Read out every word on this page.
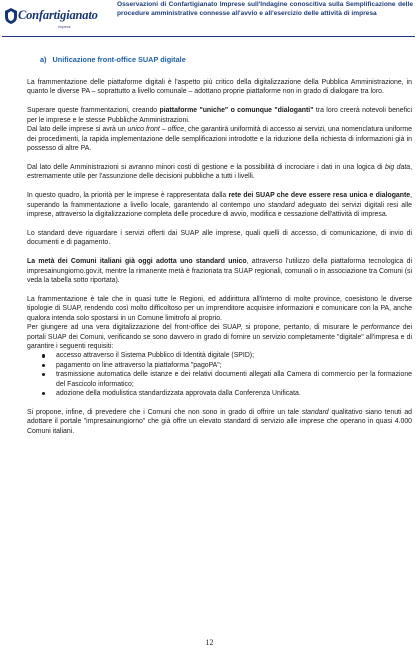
Confartigianato
Imprese
Osservazioni di Confartigianato Imprese sull'Indagine conoscitiva sulla Semplificazione delle procedure amministrative connesse all'avvio e all'esercizio delle attività di impresa
a) Unificazione front-office SUAP digitale

La frammentazione delle piattaforme digitali è l'aspetto più critico della digitalizzazione della Pubblica Amministrazione, in quanto le diverse PA – soprattutto a livello comunale – adottano proprie piattaforme non in grado di dialogare tra loro.

Superare queste frammentazioni, creando piattaforme "uniche" o comunque "dialoganti" tra loro creerà notevoli benefici per le imprese e le stesse Pubbliche Amministrazioni.

Dal lato delle imprese si avrà un unico front – office, che garantirà uniformità di accesso ai servizi, una nomenclatura uniforme dei procedimenti, la rapida implementazione delle semplificazioni introdotte e la riduzione della richiesta di informazioni già in possesso di altre PA.

Dal lato delle Amministrazioni si avranno minori costi di gestione e la possibilità di incrociare i dati in una logica di big data, estremamente utile per l'assunzione delle decisioni pubbliche a tutti i livelli.

In questo quadro, la priorità per le imprese è rappresentata dalla rete dei SUAP che deve essere resa unica e dialogante, superando la frammentazione a livello locale, garantendo al contempo uno standard adeguato dei servizi digitali resi alle imprese, attraverso la digitalizzazione completa delle procedure di avvio, modifica e cessazione dell'attività di impresa.

Lo standard deve riguardare i servizi offerti dai SUAP alle imprese, quali quelli di accesso, di comunicazione, di invio di documenti e di pagamento.

La metà dei Comuni italiani già oggi adotta uno standard unico, attraverso l'utilizzo della piattaforma tecnologica di impresainungiorno.gov.it, mentre la rimanente metà è frazionata tra SUAP regionali, comunali o in associazione tra Comuni (si veda la tabella sotto riportata).

La frammentazione è tale che in quasi tutte le Regioni, ed addirittura all'interno di molte province, coesistono le diverse tipologie di SUAP, rendendo così molto difficoltoso per un imprenditore acquisire informazioni e comunicare con la PA, anche qualora intenda solo spostarsi in un Comune limitrofo al proprio.

Per giungere ad una vera digitalizzazione del front-office dei SUAP, si propone, pertanto, di misurare le performance dei portali SUAP dei Comuni, verificando se sono davvero in grado di fornire un servizio completamente "digitale" all'impresa e di garantire i seguenti requisiti:

accesso attraverso il Sistema Pubblico di Identità digitale (SPID);
pagamento on line attraverso la piattaforma "pagoPA";
trasmissione automatica delle istanze e dei relativi documenti allegati alla Camera di commercio per la formazione del Fascicolo informatico;
adozione della modulistica standardizzata approvata dalla Conferenza Unificata.

Si propone, infine, di prevedere che i Comuni che non sono in grado di offrire un tale standard qualitativo siano tenuti ad adottare il portale "impresainungiorno" che già offre un elevato standard di servizio alle imprese che operano in quasi 4.000 Comuni italiani.

12
